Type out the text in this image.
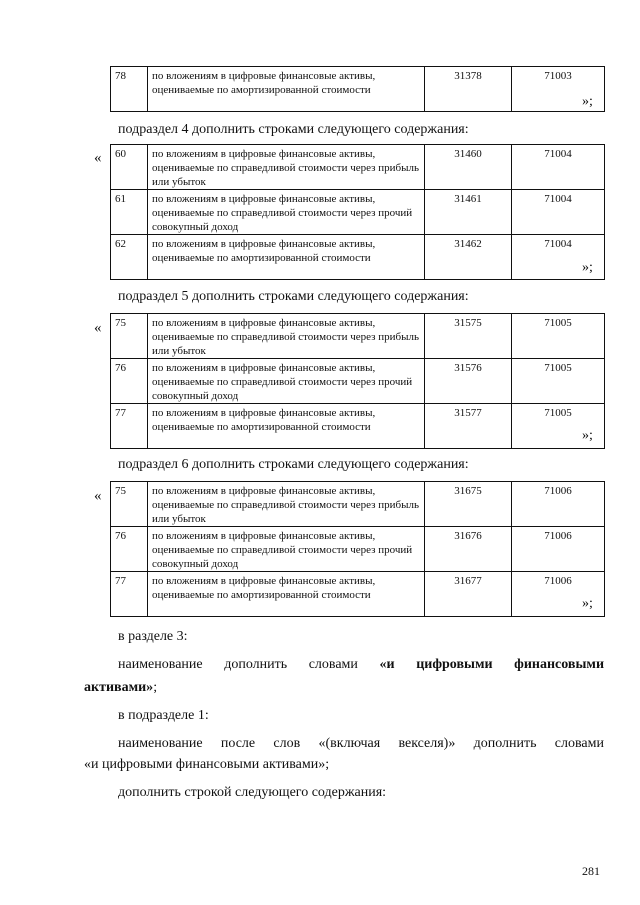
78	по вложениям в цифровые финансовые активы, оцениваемые по амортизированной стоимости	31378	71003
»;
подраздел 4 дополнить строками следующего содержания:
« 60	по вложениям в цифровые финансовые активы, оцениваемые по справедливой стоимости через прибыль или убыток	31460	71004
61	по вложениям в цифровые финансовые активы, оцениваемые по справедливой стоимости через прочий совокупный доход	31461	71004
62	по вложениям в цифровые финансовые активы, оцениваемые по амортизированной стоимости	31462	71004
»;
подраздел 5 дополнить строками следующего содержания:
« 75	по вложениям в цифровые финансовые активы, оцениваемые по справедливой стоимости через прибыль или убыток	31575	71005
76	по вложениям в цифровые финансовые активы, оцениваемые по справедливой стоимости через прочий совокупный доход	31576	71005
77	по вложениям в цифровые финансовые активы, оцениваемые по амортизированной стоимости	31577	71005
»;
подраздел 6 дополнить строками следующего содержания:
« 75	по вложениям в цифровые финансовые активы, оцениваемые по справедливой стоимости через прибыль или убыток	31675	71006
76	по вложениям в цифровые финансовые активы, оцениваемые по справедливой стоимости через прочий совокупный доход	31676	71006
77	по вложениям в цифровые финансовые активы, оцениваемые по амортизированной стоимости	31677	71006
»;
в разделе 3:
наименование дополнить словами «и цифровыми финансовыми
активами»;
в подразделе 1:
наименование после слов «(включая векселя)» дополнить словами
«и цифровыми финансовыми активами»;
дополнить строкой следующего содержания:
281
